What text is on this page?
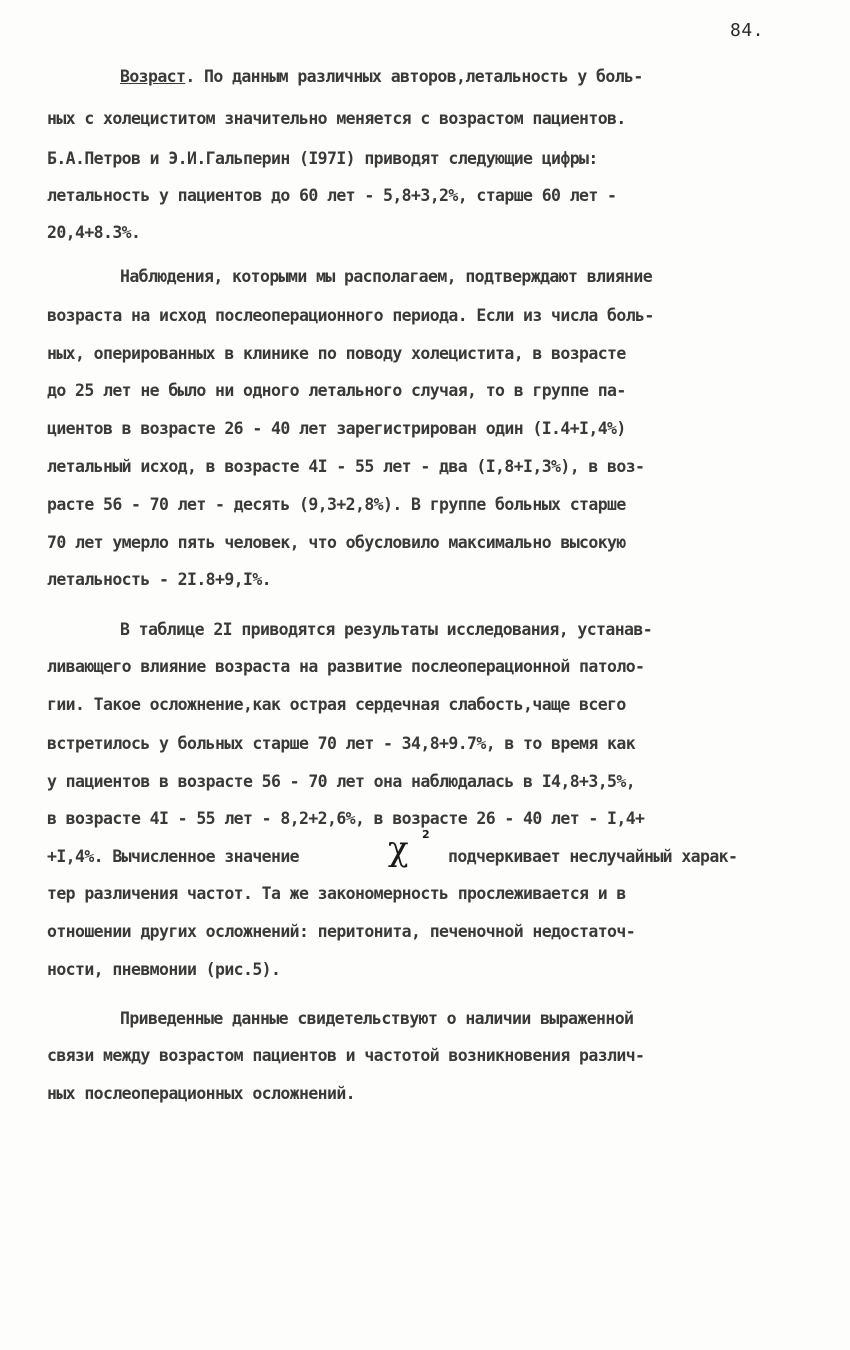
84.
Возраст. По данным различных авторов,летальность у боль-
ных с холециститом значительно меняется с возрастом пациентов.
Б.А.Петров и Э.И.Гальперин (I97I) приводят следующие цифры:
летальность у пациентов до 60 лет - 5,8+3,2%, старше 60 лет -
20,4+8.3%.
Наблюдения, которыми мы располагаем, подтверждают влияние
возраста на исход послеоперационного периода. Если из числа боль-
ных, оперированных в клинике по поводу холецистита, в возрасте
до 25 лет не было ни одного летального случая, то в группе па-
циентов в возрасте 26 - 40 лет зарегистрирован один (I.4+I,4%)
летальный исход, в возрасте 4I - 55 лет - два (I,8+I,3%), в воз-
расте 56 - 70 лет - десять (9,3+2,8%). В группе больных старше
70 лет умерло пять человек, что обусловило максимально высокую
летальность - 2I.8+9,I%.
В таблице 2I приводятся результаты исследования, устанав-
ливающего влияние возраста на развитие послеоперационной патоло-
гии. Такое осложнение,как острая сердечная слабость,чаще всего
встретилось у больных старше 70 лет - 34,8+9.7%, в то время как
у пациентов в возрасте 56 - 70 лет она наблюдалась в I4,8+3,5%,
в возрасте 4I - 55 лет - 8,2+2,6%, в возрасте 26 - 40 лет - I,4+
+I,4%. Вычисленное значение	χ 2
подчеркивает неслучайный харак-
тер различения частот. Та же закономерность прослеживается и в
отношении других осложнений: перитонита, печеночной недостаточ-
ности, пневмонии (рис.5).
Приведенные данные свидетельствуют о наличии выраженной
связи между возрастом пациентов и частотой возникновения различ-
ных послеоперационных осложнений.
